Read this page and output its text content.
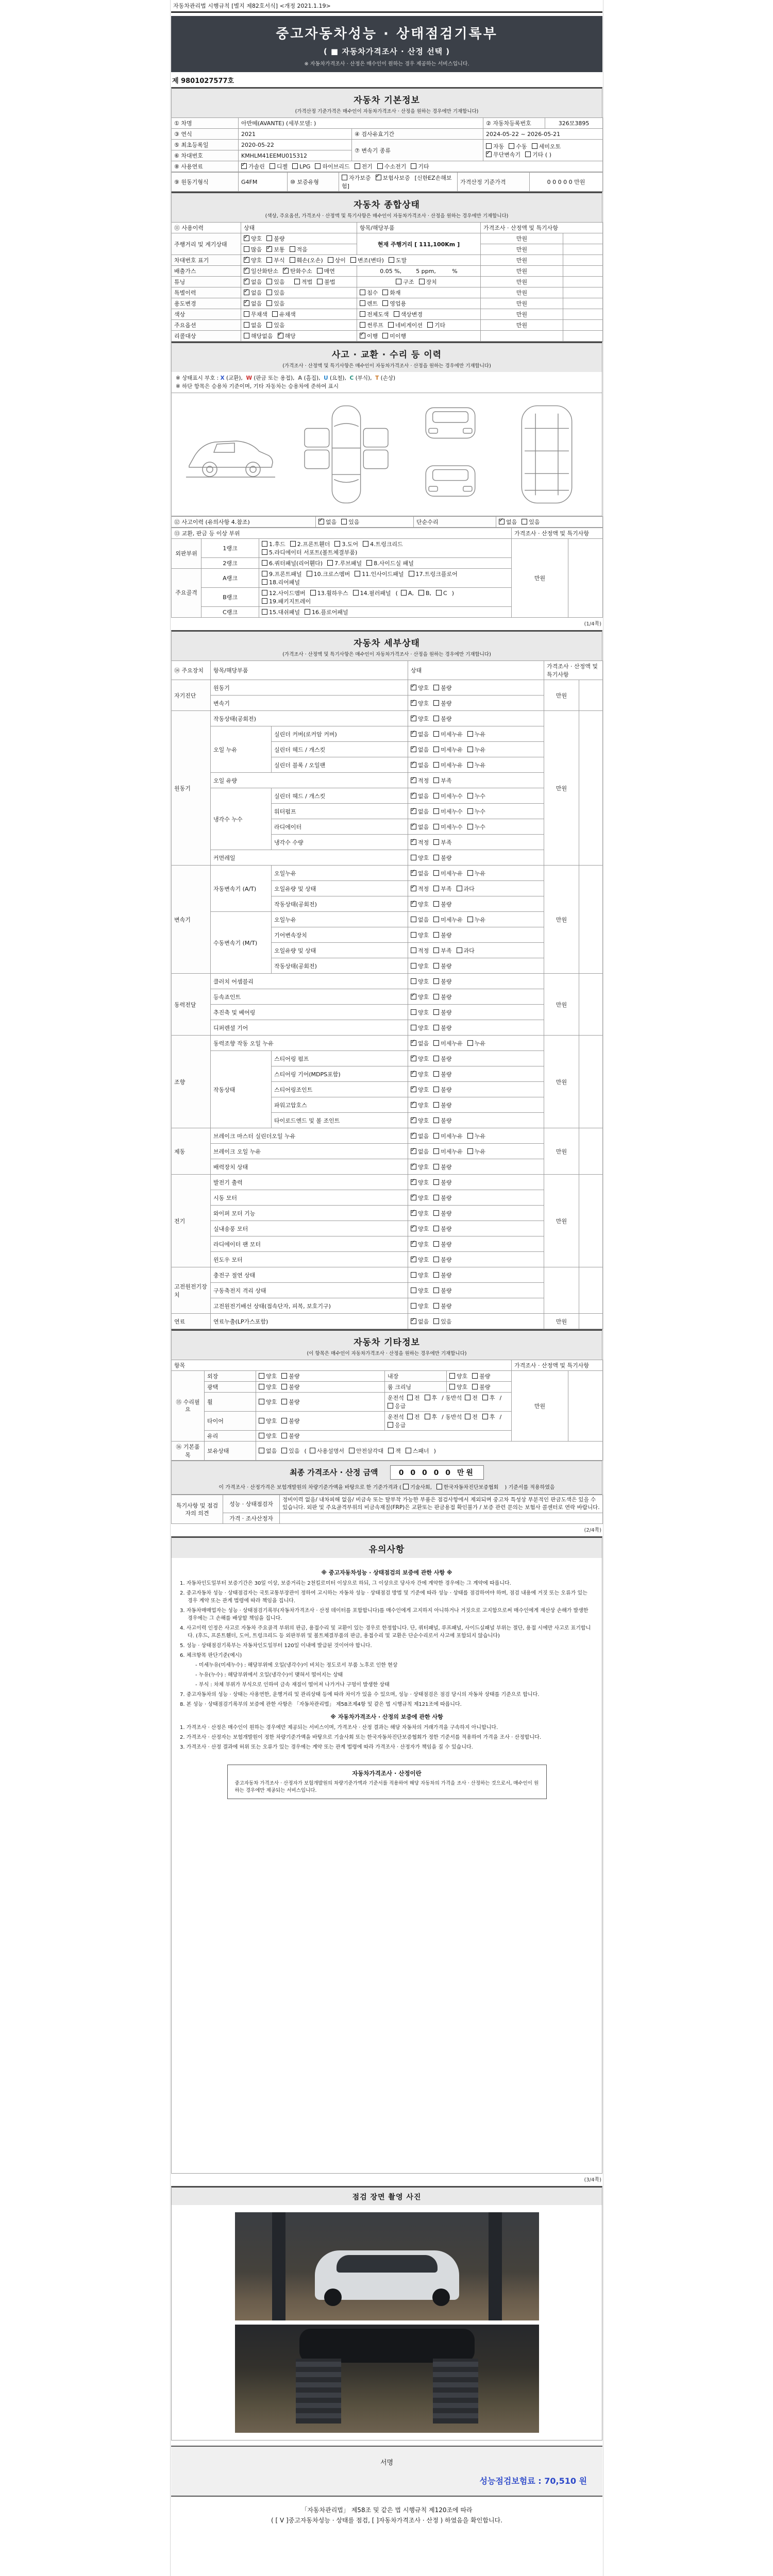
자동차관리법 시행규칙 [별지 제82호서식] <개정 2021.1.19>
중고자동차성능 · 상태점검기록부
( ■ 자동차가격조사 · 산정 선택 )
※ 자동차가격조사 · 산정은 매수인이 원하는 경우 제공하는 서비스입니다.
제 9801027577호
자동차 기본정보
(가격산정 기준가격은 매수인이 자동차가격조사 · 산정을 원하는 경우에만 기재합니다)
① 차명	아반떼(AVANTE) (세부모델: )		② 자동차등록번호	326모3895
③ 연식	2021	④ 검사유효기간	2024-05-22 ~ 2026-05-21	
⑤ 최초등록일	2020-05-22	⑦ 변속기 종류	자동 수동 세미오토
✓무단변속기 기타 ( )
⑥ 차대번호	KMHLM41EEMU015312			
⑧ 사용연료	✓가솔린 디젤 LPG 하이브리드 전기 수소전기 기타
⑨ 원동기형식	G4FM	⑩ 보증유형	자가보증 ✓ 보험사보증 [신한EZ손해보험]	가격산정 기준가격	0 0 0 0 0 만원
자동차 종합상태
(색상, 주요옵션, 가격조사 · 산정액 및 특기사항은 매수인이 자동차가격조사 · 산정을 원하는 경우에만 기재합니다)
⑪ 사용이력	상태	항목/해당부품	가격조사 · 산정액 및 특기사항	
주행거리 및 계기상태	✓양호 불량	현재 주행거리 [ 111,100Km ]	만원	
	많음 ✓ 보통 적음		만원	
차대번호 표기	✓양호 부식 훼손(오손) 상이 변조(변타) 도말		만원	
배출가스	✓일산화탄소 ✓ 탄화수소 매연	0.05 %,        5 ppm,         %	만원	
튜닝	✓없음 있음 적법 불법	구조 장치	만원	
특별이력	✓없음 있음	침수 화재	만원	
용도변경	✓없음 있음	렌트 영업용	만원	
색상	무채색 유채색	전체도색 색상변경	만원	
주요옵션	없음 있음	썬루프 네비게이션 기타	만원	
리콜대상	해당없음 ✓ 해당	✓이행 미이행		
사고 · 교환 · 수리 등 이력
(가격조사 · 산정액 및 특기사항은 매수인이 자동차가격조사 · 산정을 원하는 경우에만 기재합니다)
※ 상태표시 부호 : X (교환),  W (판금 또는 용접),  A (흠집),  U (요철),  C (부식),  T (손상)
※ 하단 항목은 승용차 기준이며, 기타 자동차는 승용차에 준하여 표시
⑫ 사고이력 (유의사항 4.참조)	✓없음 있음	단순수리	✓없음 있음
⑬ 교환, 판금 등 이상 부위			가격조사 · 산정액 및 특기사항	
외판부위	1랭크	1.후드 2.프론트휀더 3.도어 4.트렁크리드
5.라디에이터 서포트(볼트체결부품)	만원	
	2랭크	6.쿼터패널(리어휀다) 7.루브패널 8.사이드실 패널		
주요골격	A랭크	9.프론트패널 10.크로스멤버 11.인사이드패널 17.트렁크플로어
18.리어패널		
	B랭크	12.사이드멤버 13.휠하우스 14.필러패널 ( A, B, C )
19.패키지트레이		
	C랭크	15.대쉬패널 16.플로어패널		
(1/4쪽)
자동차 세부상태
(가격조사 · 산정액 및 특기사항은 매수인이 자동차가격조사 · 산정을 원하는 경우에만 기재합니다)
⑭ 주요장치	항목/해당부품		상태	가격조사 · 산정액 및 특기사항	
자기진단	원동기	✓양호 불량	만원	
	변속기	✓양호 불량
원동기	작동상태(공회전)	✓양호 불량	만원	
	오일 누유	실린더 커버(로커암 커버)	✓없음 미세누유 누유
		실린더 헤드 / 개스킷	✓없음 미세누유 누유
		실린더 블록 / 오일팬	✓없음 미세누유 누유
	오일 유량	✓적정 부족
	냉각수 누수	실린더 헤드 / 개스킷	✓없음 미세누수 누수
		워터펌프	✓없음 미세누수 누수
		라디에이터	✓없음 미세누수 누수
		냉각수 수량	✓적정 부족
	커먼레일		양호 불량		
변속기	자동변속기 (A/T)	오일누유	✓없음 미세누유 누유	만원	
		오일유량 및 상태	✓적정 부족 과다
		작동상태(공회전)	✓양호 불량
	수동변속기 (M/T)	오일누유	없음 미세누유 누유		
		기어변속장치	양호 불량		
		오일유량 및 상태	적정 부족 과다		
		작동상태(공회전)	양호 불량		
동력전달	클러치 어셈블리		양호 불량	만원	
	등속죠인트	✓양호 불량
	추진축 및 베어링		양호 불량		
	디퍼렌셜 기어		양호 불량		
조향	동력조향 작동 오일 누유	✓없음 미세누유 누유	만원	
	작동상태	스티어링 펌프	✓양호 불량
		스티어링 기어(MDPS포함)	✓양호 불량
		스티어링조인트	✓양호 불량
		파워고압호스	✓양호 불량
		타이로드엔드 및 볼 조인트	✓양호 불량
제동	브레이크 마스터 실린더오일 누유	✓없음 미세누유 누유	만원	
	브레이크 오일 누유	✓없음 미세누유 누유
	배력장치 상태	✓양호 불량
전기	발전기 출력	✓양호 불량	만원	
	시동 모터	✓양호 불량
	와이퍼 모터 기능	✓양호 불량
	실내송풍 모터	✓양호 불량
	라디에이터 팬 모터	✓양호 불량
	윈도우 모터	✓양호 불량
고전원전기장치	충전구 절연 상태		양호 불량		
	구동축전지 격리 상태		양호 불량		
	고전원전기배선 상태(접속단자, 피복, 보호기구)		양호 불량		
연료	연료누출(LP가스포함)	✓없음 있음	만원	
자동차 기타정보
(이 항목은 매수인이 자동차가격조사 · 산정을 원하는 경우에만 기재합니다)
항목					가격조사 · 산정액 및 특기사항	
⑮ 수리필요	외장	양호 불량	내장	양호 불량	만원	
	광택	양호 불량	룸 크리닝	양호 불량		
	휠	양호 불량	운전석 전 후 / 동반석 전 후 /응급			
	타이어	양호 불량	운전석 전 후 / 동반석 전 후 /응급			
	유리	양호 불량				
⑯ 기본품목	보유상태	없음 있음 ( 사용설명서 안전삼각대 잭 스패너 )				
최종 가격조사 · 산정 금액	0 0 0 0 0 만원
이 가격조사 · 산정가격은 보험개발원의 차량기준가액을 바탕으로 한 기준가격과 ( 기술사회, 한국자동차진단보증협회 ) 기준서를 적용하였음
특기사항 및 점검자의 의견	성능 · 상태점검자	정비이력 없음/ 내차피해 없음/ 비금속 또는 탈부착 가능한 부품은 점검사항에서 제외되며 중고차 특성상 부분적인 판금도색은 있을 수 있습니다. 외판 및 주요골격부위의 비금속재질(FRP)은 교환또는 판금용접 확인불가 / 보증 관련 문의는 보험사 콜센터로 연락 바랍니다.
	가격 · 조사산정자	
(2/4쪽)
유의사항
※ 중고자동차성능 · 상태점검의 보증에 관한 사항 ※

1. 자동차인도일부터 보증기간은 30일 이상, 보증거리는 2천킬로미터 이상으로 하되, 그 이상으로 당사자 간에 계약한 경우에는 그 계약에 따릅니다.

2. 중고자동차 성능 · 상태점검자는 국토교통부장관이 정하여 고시하는 자동차 성능 · 상태점검 방법 및 기준에 따라 성능 · 상태를 점검하여야 하며, 점검 내용에 거짓 또는 오류가 있는 경우 계약 또는 관계 법령에 따라 책임을 집니다.

3. 자동차매매업자는 성능 · 상태점검기록부(자동차가격조사 · 산정 데이터를 포함합니다)를 매수인에게 고지하지 아니하거나 거짓으로 고지함으로써 매수인에게 재산상 손해가 발생한 경우에는 그 손해를 배상할 책임을 집니다.

4. 사고이력 인정은 사고로 자동차 주요골격 부위의 판금, 용접수리 및 교환이 있는 경우로 한정합니다. 단, 쿼터패널, 루프패널, 사이드실패널 부위는 절단, 용접 시에만 사고로 표기합니다. (후드, 프론트휀더, 도어, 트렁크리드 등 외판부위 및 볼트체결부품의 판금, 용접수리 및 교환은 단순수리로서 사고에 포함되지 않습니다)

5. 성능 · 상태점검기록부는 자동차인도일부터 120일 이내에 발급된 것이어야 합니다.

6. 체크항목 판단기준(예시)

- 미세누유(미세누수) : 해당부위에 오일(냉각수)이 비치는 정도로서 부품 노후로 인한 현상

- 누유(누수) : 해당부위에서 오일(냉각수)이 맺혀서 떨어지는 상태

- 부식 : 차체 부위가 부식으로 인하여 금속 재질이 떨어져 나가거나 구멍이 발생한 상태

7. 중고자동차의 성능 · 상태는 사용연한, 운행거리 및 관리상태 등에 따라 차이가 있을 수 있으며, 성능 · 상태점검은 점검 당시의 자동차 상태를 기준으로 합니다.

8. 본 성능 · 상태점검기록부의 보증에 관한 사항은 「자동차관리법」 제58조제4항 및 같은 법 시행규칙 제121조에 따릅니다.

※ 자동차가격조사 · 산정의 보증에 관한 사항

1. 가격조사 · 산정은 매수인이 원하는 경우에만 제공되는 서비스이며, 가격조사 · 산정 결과는 해당 자동차의 거래가격을 구속하지 아니합니다.

2. 가격조사 · 산정자는 보험개발원이 정한 차량기준가액을 바탕으로 기술사회 또는 한국자동차진단보증협회가 정한 기준서를 적용하여 가격을 조사 · 산정합니다.

3. 가격조사 · 산정 결과에 허위 또는 오류가 있는 경우에는 계약 또는 관계 법령에 따라 가격조사 · 산정자가 책임을 질 수 있습니다.

자동차가격조사 · 산정이란
중고자동차 가격조사 · 산정자가 보험개발원의 차량기준가액과 기준서를 적용하여 해당 자동차의 가격을 조사 · 산정하는 것으로서, 매수인이 원하는 경우에만 제공되는 서비스입니다.
(3/4쪽)
점검 장면 촬영 사진
서명
성능점검보험료 : 70,510 원
「자동차관리법」 제58조 및 같은 법 시행규칙 제120조에 따라
( [ V ]중고자동차성능 · 상태를 점검, [ ]자동차가격조사 · 산정 ) 하였음을 확인합니다.
